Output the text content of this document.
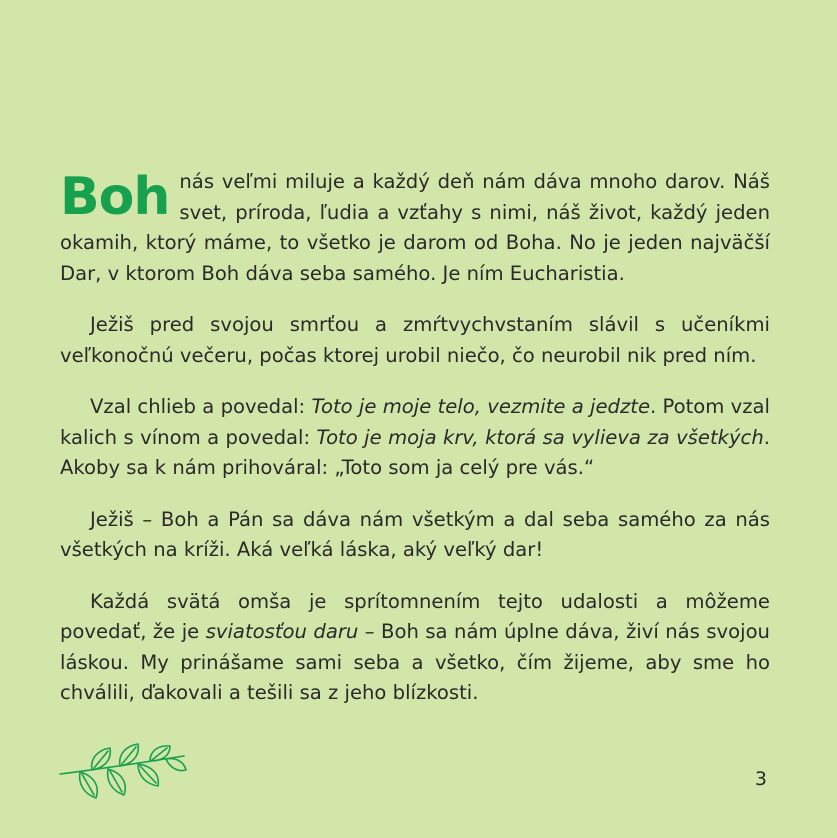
Boh nás veľmi miluje a každý deň nám dáva mnoho darov. Náš svet, príroda, ľudia a vzťahy s nimi, náš život, každý jeden okamih, ktorý máme, to všetko je darom od Boha. No je jeden najväčší Dar, v ktorom Boh dáva seba samého. Je ním Eucharistia.

Ježiš pred svojou smrťou a zmŕtvychvstaním slávil s učeníkmi veľkonočnú večeru, počas ktorej urobil niečo, čo neurobil nik pred ním.

Vzal chlieb a povedal: Toto je moje telo, vezmite a jedzte. Potom vzal kalich s vínom a povedal: Toto je moja krv, ktorá sa vylieva za všetkých. Akoby sa k nám prihováral: „Toto som ja celý pre vás.“

Ježiš – Boh a Pán sa dáva nám všetkým a dal seba samého za nás všetkých na kríži. Aká veľká láska, aký veľký dar!

Každá svätá omša je sprítomnením tejto udalosti a môžeme povedať, že je sviatosťou daru – Boh sa nám úplne dáva, živí nás svojou láskou. My prinášame sami seba a všetko, čím žijeme, aby sme ho chválili, ďakovali a tešili sa z jeho blízkosti.

3
